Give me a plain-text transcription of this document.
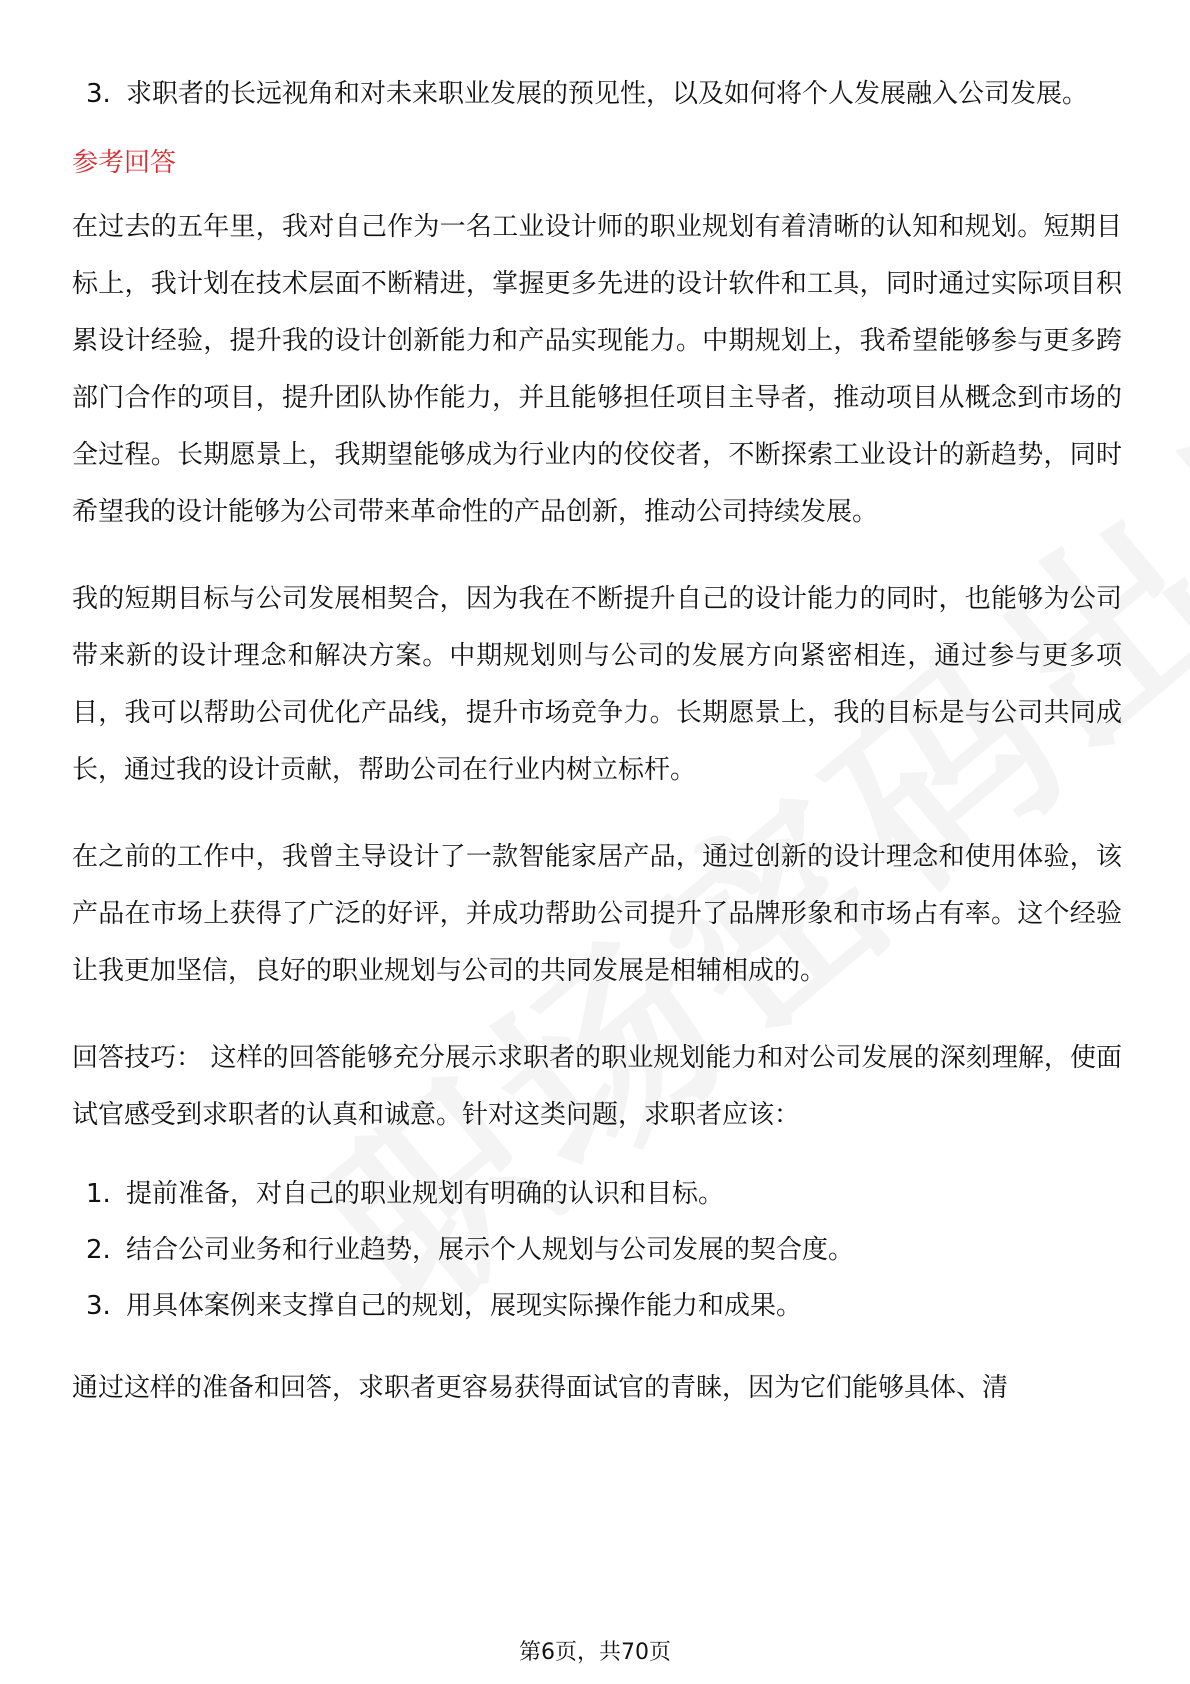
3. 求职者的长远视角和对未来职业发展的预见性，以及如何将个人发展融入公司发展。
参考回答

在过去的五年里，我对自己作为一名工业设计师的职业规划有着清晰的认知和规划。短期目标上，我计划在技术层面不断精进，掌握更多先进的设计软件和工具，同时通过实际项目积累设计经验，提升我的设计创新能力和产品实现能力。中期规划上，我希望能够参与更多跨部门合作的项目，提升团队协作能力，并且能够担任项目主导者，推动项目从概念到市场的全过程。长期愿景上，我期望能够成为行业内的佼佼者，不断探索工业设计的新趋势，同时希望我的设计能够为公司带来革命性的产品创新，推动公司持续发展。

我的短期目标与公司发展相契合，因为我在不断提升自己的设计能力的同时，也能够为公司带来新的设计理念和解决方案。中期规划则与公司的发展方向紧密相连，通过参与更多项目，我可以帮助公司优化产品线，提升市场竞争力。长期愿景上，我的目标是与公司共同成长，通过我的设计贡献，帮助公司在行业内树立标杆。

在之前的工作中，我曾主导设计了一款智能家居产品，通过创新的设计理念和使用体验，该产品在市场上获得了广泛的好评，并成功帮助公司提升了品牌形象和市场占有率。这个经验让我更加坚信，良好的职业规划与公司的共同发展是相辅相成的。

回答技巧： 这样的回答能够充分展示求职者的职业规划能力和对公司发展的深刻理解，使面试官感受到求职者的认真和诚意。针对这类问题，求职者应该：

1. 提前准备，对自己的职业规划有明确的认识和目标。
2. 结合公司业务和行业趋势，展示个人规划与公司发展的契合度。
3. 用具体案例来支撑自己的规划，展现实际操作能力和成果。

通过这样的准备和回答，求职者更容易获得面试官的青睐，因为它们能够具体、清

第6页，共70页
